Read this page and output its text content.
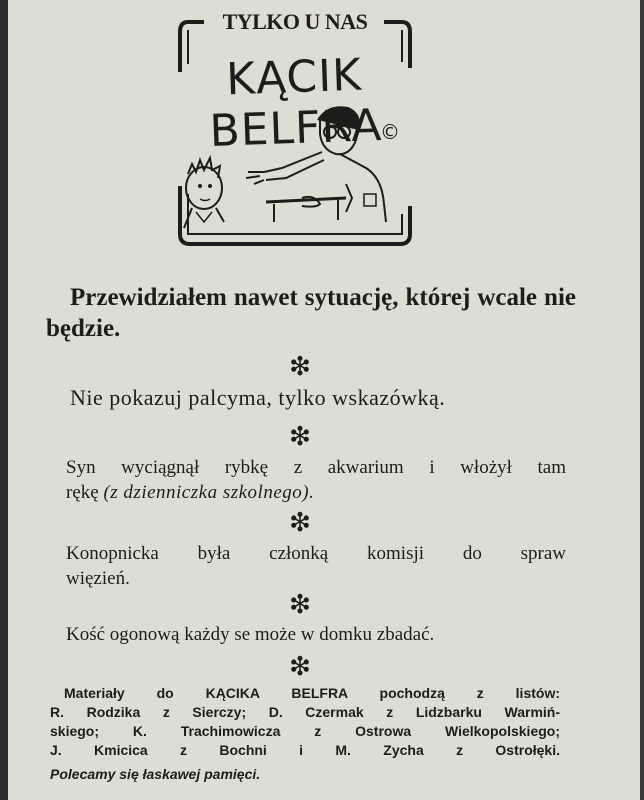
TYLKO U NAS
KĄCIK BELFRA
©
Przewidziałem nawet sytuację, której wcale nie będzie.
❇
Nie pokazuj palcyma, tylko wskazówką.
❇
Syn wyciągnął rybkę z akwarium i włożył tam
rękę (z dzienniczka szkolnego).
❇
Konopnicka była członką komisji do spraw
więzień.
❇
Kość ogonową każdy se może w domku zbadać.
❇
Materiały do KĄCIKA BELFRA pochodzą z listów:
R. Rodzika z Sierczy; D. Czermak z Lidzbarku Warmiń-
skiego; K. Trachimowicza z Ostrowa Wielkopolskiego;
J. Kmicica z Bochni i M. Zycha z Ostrołęki.
Polecamy się łaskawej pamięci.
